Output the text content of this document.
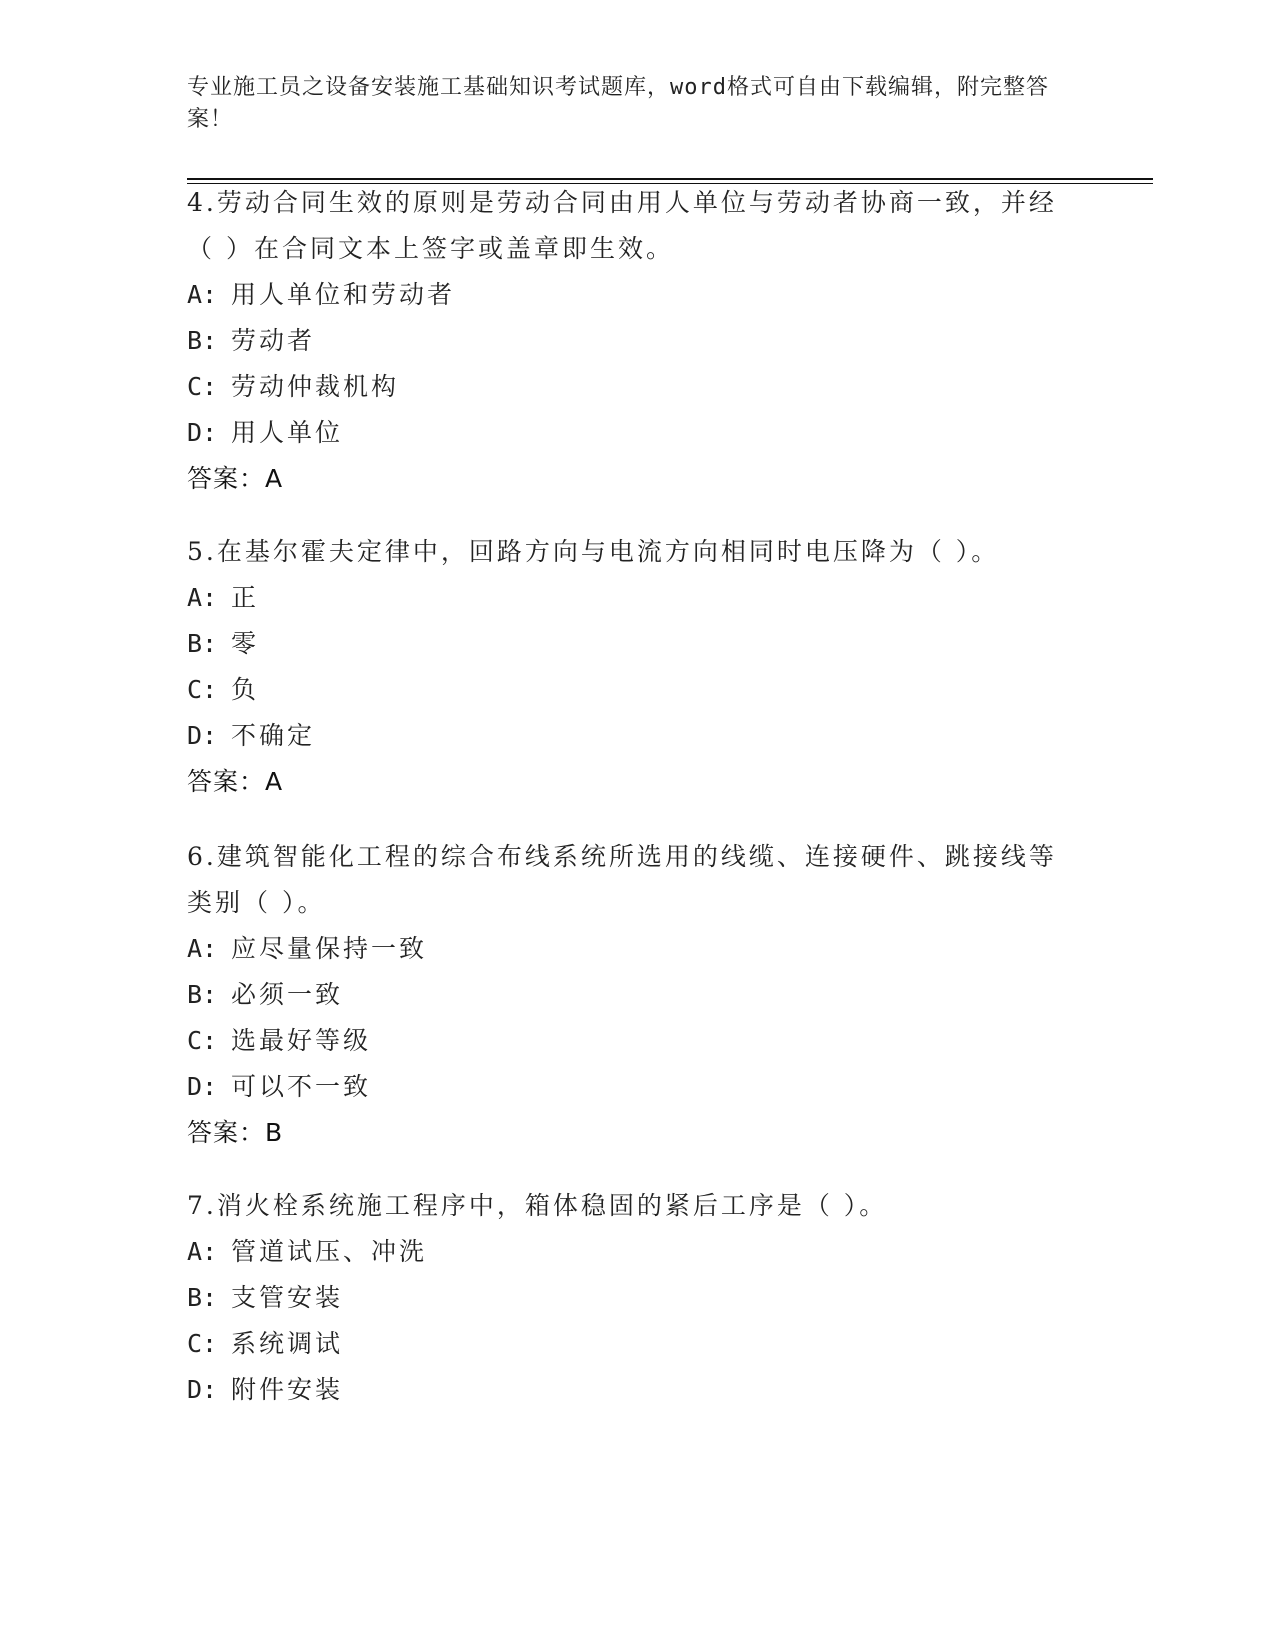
专业施工员之设备安装施工基础知识考试题库，word格式可自由下载编辑，附完整答案！
4.劳动合同生效的原则是劳动合同由用人单位与劳动者协商一致，并经（ ）在合同文本上签字或盖章即生效。
A: 用人单位和劳动者
B: 劳动者
C: 劳动仲裁机构
D: 用人单位
答案：A
5.在基尔霍夫定律中，回路方向与电流方向相同时电压降为（ ）。
A: 正
B: 零
C: 负
D: 不确定
答案：A
6.建筑智能化工程的综合布线系统所选用的线缆、连接硬件、跳接线等类别（ ）。
A: 应尽量保持一致
B: 必须一致
C: 选最好等级
D: 可以不一致
答案：B
7.消火栓系统施工程序中，箱体稳固的紧后工序是（ ）。
A: 管道试压、冲洗
B: 支管安装
C: 系统调试
D: 附件安装
